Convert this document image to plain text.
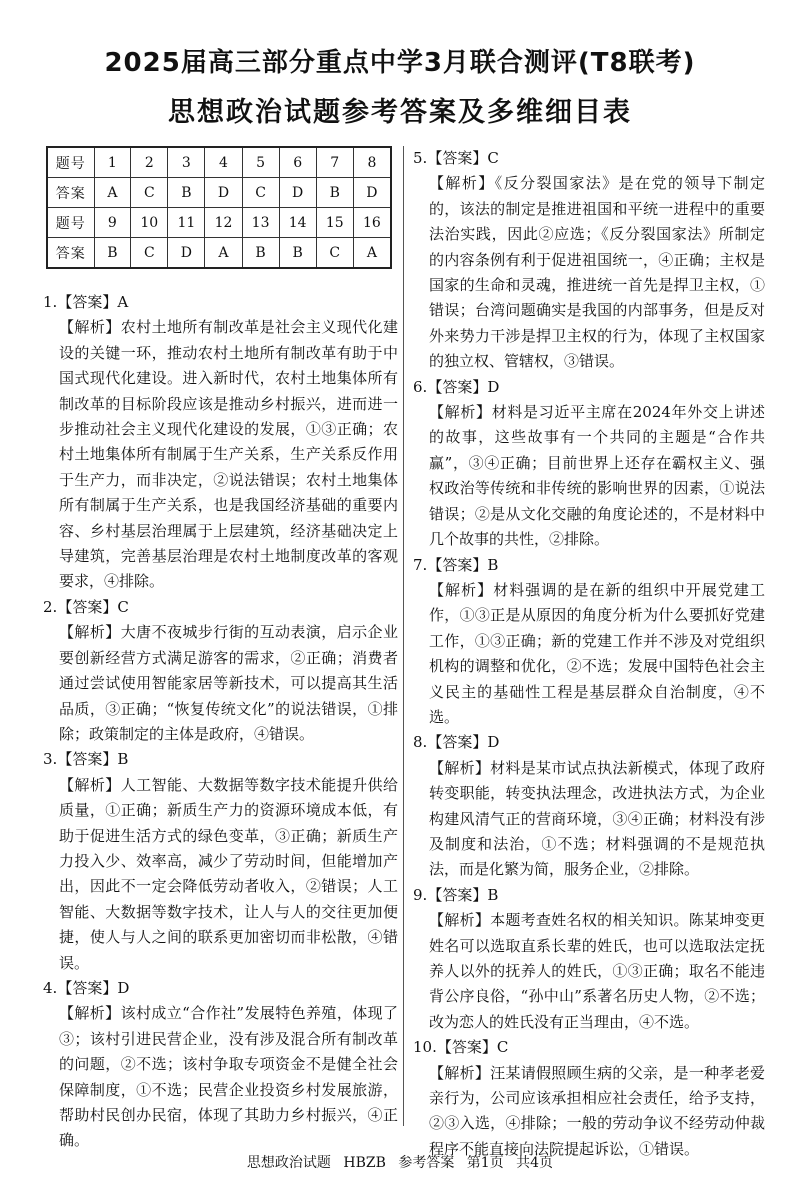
2025届高三部分重点中学3月联合测评(T8联考)
思想政治试题参考答案及多维细目表
题号	1	2	3	4	5	6	7	8
答案	A	C	B	D	C	D	B	D
题号	9	10	11	12	13	14	15	16
答案	B	C	D	A	B	B	C	A
1.【答案】A
【解析】农村土地所有制改革是社会主义现代化建设的关键一环，推动农村土地所有制改革有助于中国式现代化建设。进入新时代，农村土地集体所有制改革的目标阶段应该是推动乡村振兴，进而进一步推动社会主义现代化建设的发展，①③正确；农村土地集体所有制属于生产关系，生产关系反作用于生产力，而非决定，②说法错误；农村土地集体所有制属于生产关系，也是我国经济基础的重要内容、乡村基层治理属于上层建筑，经济基础决定上导建筑，完善基层治理是农村土地制度改革的客观要求，④排除。
2.【答案】C
【解析】大唐不夜城步行街的互动表演，启示企业要创新经营方式满足游客的需求，②正确；消费者通过尝试使用智能家居等新技术，可以提高其生活品质，③正确；“恢复传统文化”的说法错误，①排除；政策制定的主体是政府，④错误。
3.【答案】B
【解析】人工智能、大数据等数字技术能提升供给质量，①正确；新质生产力的资源环境成本低，有助于促进生活方式的绿色变革，③正确；新质生产力投入少、效率高，减少了劳动时间，但能增加产出，因此不一定会降低劳动者收入，②错误；人工智能、大数据等数字技术，让人与人的交往更加便捷，使人与人之间的联系更加密切而非松散，④错误。
4.【答案】D
【解析】该村成立“合作社”发展特色养殖，体现了③；该村引进民营企业，没有涉及混合所有制改革的问题，②不选；该村争取专项资金不是健全社会保障制度，①不选；民营企业投资乡村发展旅游，帮助村民创办民宿，体现了其助力乡村振兴，④正确。
5.【答案】C
【解析】《反分裂国家法》是在党的领导下制定的，该法的制定是推进祖国和平统一进程中的重要法治实践，因此②应选；《反分裂国家法》所制定的内容条例有利于促进祖国统一，④正确；主权是国家的生命和灵魂，推进统一首先是捍卫主权，①错误；台湾问题确实是我国的内部事务，但是反对外来势力干涉是捍卫主权的行为，体现了主权国家的独立权、管辖权，③错误。
6.【答案】D
【解析】材料是习近平主席在2024年外交上讲述的故事，这些故事有一个共同的主题是“合作共赢”，③④正确；目前世界上还存在霸权主义、强权政治等传统和非传统的影响世界的因素，①说法错误；②是从文化交融的角度论述的，不是材料中几个故事的共性，②排除。
7.【答案】B
【解析】材料强调的是在新的组织中开展党建工作，①③正是从原因的角度分析为什么要抓好党建工作，①③正确；新的党建工作并不涉及对党组织机构的调整和优化，②不选；发展中国特色社会主义民主的基础性工程是基层群众自治制度，④不选。
8.【答案】D
【解析】材料是某市试点执法新模式，体现了政府转变职能，转变执法理念，改进执法方式，为企业构建风清气正的营商环境，③④正确；材料没有涉及制度和法治，①不选；材料强调的不是规范执法，而是化繁为简，服务企业，②排除。
9.【答案】B
【解析】本题考查姓名权的相关知识。陈某坤变更姓名可以选取直系长辈的姓氏，也可以选取法定抚养人以外的抚养人的姓氏，①③正确；取名不能违背公序良俗，“孙中山”系著名历史人物，②不选；改为恋人的姓氏没有正当理由，④不选。
10.【答案】C
【解析】汪某请假照顾生病的父亲，是一种孝老爱亲行为，公司应该承担相应社会责任，给予支持，②③入选，④排除；一般的劳动争议不经劳动仲裁程序不能直接向法院提起诉讼，①错误。
思想政治试题 HBZB 参考答案 第1页 共4页
